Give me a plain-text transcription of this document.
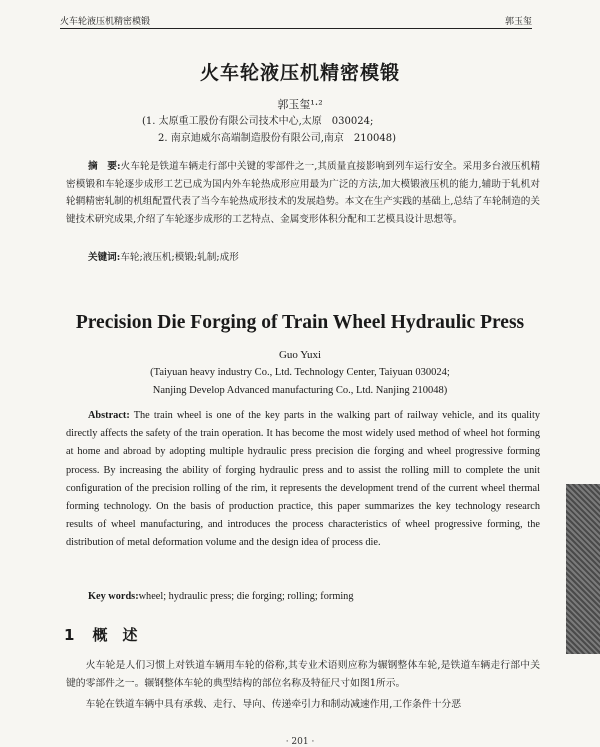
火车轮液压机精密模锻	郭玉玺
火车轮液压机精密模锻
郭玉玺¹·²
(1. 太原重工股份有限公司技术中心,太原　030024;
2. 南京迪威尔高端制造股份有限公司,南京　210048)
摘　要:火车轮是铁道车辆走行部中关键的零部件之一,其质量直接影响到列车运行安全。采用多台液压机精密模锻和车轮逐步成形工艺已成为国内外车轮热成形应用最为广泛的方法,加大模锻液压机的能力,辅助于轧机对轮辋精密轧制的机组配置代表了当今车轮热成形技术的发展趋势。本文在生产实践的基础上,总结了车轮制造的关键技术研究成果,介绍了车轮逐步成形的工艺特点、金属变形体积分配和工艺模具设计思想等。
关键词:车轮;液压机;模锻;轧制;成形
Precision Die Forging of Train Wheel Hydraulic Press
Guo Yuxi
(Taiyuan heavy industry Co., Ltd. Technology Center, Taiyuan 030024;
Nanjing Develop Advanced manufacturing Co., Ltd. Nanjing 210048)
Abstract: The train wheel is one of the key parts in the walking part of railway vehicle, and its quality directly affects the safety of the train operation. It has become the most widely used method of wheel hot forming at home and abroad by adopting multiple hydraulic press precision die forging and wheel progressive forming process. By increasing the ability of forging hydraulic press and to assist the rolling mill to complete the unit configuration of the precision rolling of the rim, it represents the development trend of the current wheel thermal forming technology. On the basis of production practice, this paper summarizes the key technology research results of wheel manufacturing, and introduces the process characteristics of wheel progressive forming, the distribution of metal deformation volume and the design idea of process die.
Key words:wheel; hydraulic press; die forging; rolling; forming
1 概　述

火车轮是人们习惯上对铁道车辆用车轮的俗称,其专业术语则应称为辗钢整体车轮,是铁道车辆走行部中关键的零部件之一。辗钢整体车轮的典型结构的部位名称及特征尺寸如图1所示。

车轮在铁道车辆中具有承载、走行、导向、传递牵引力和制动减速作用,工作条件十分恶

· 201 ·
